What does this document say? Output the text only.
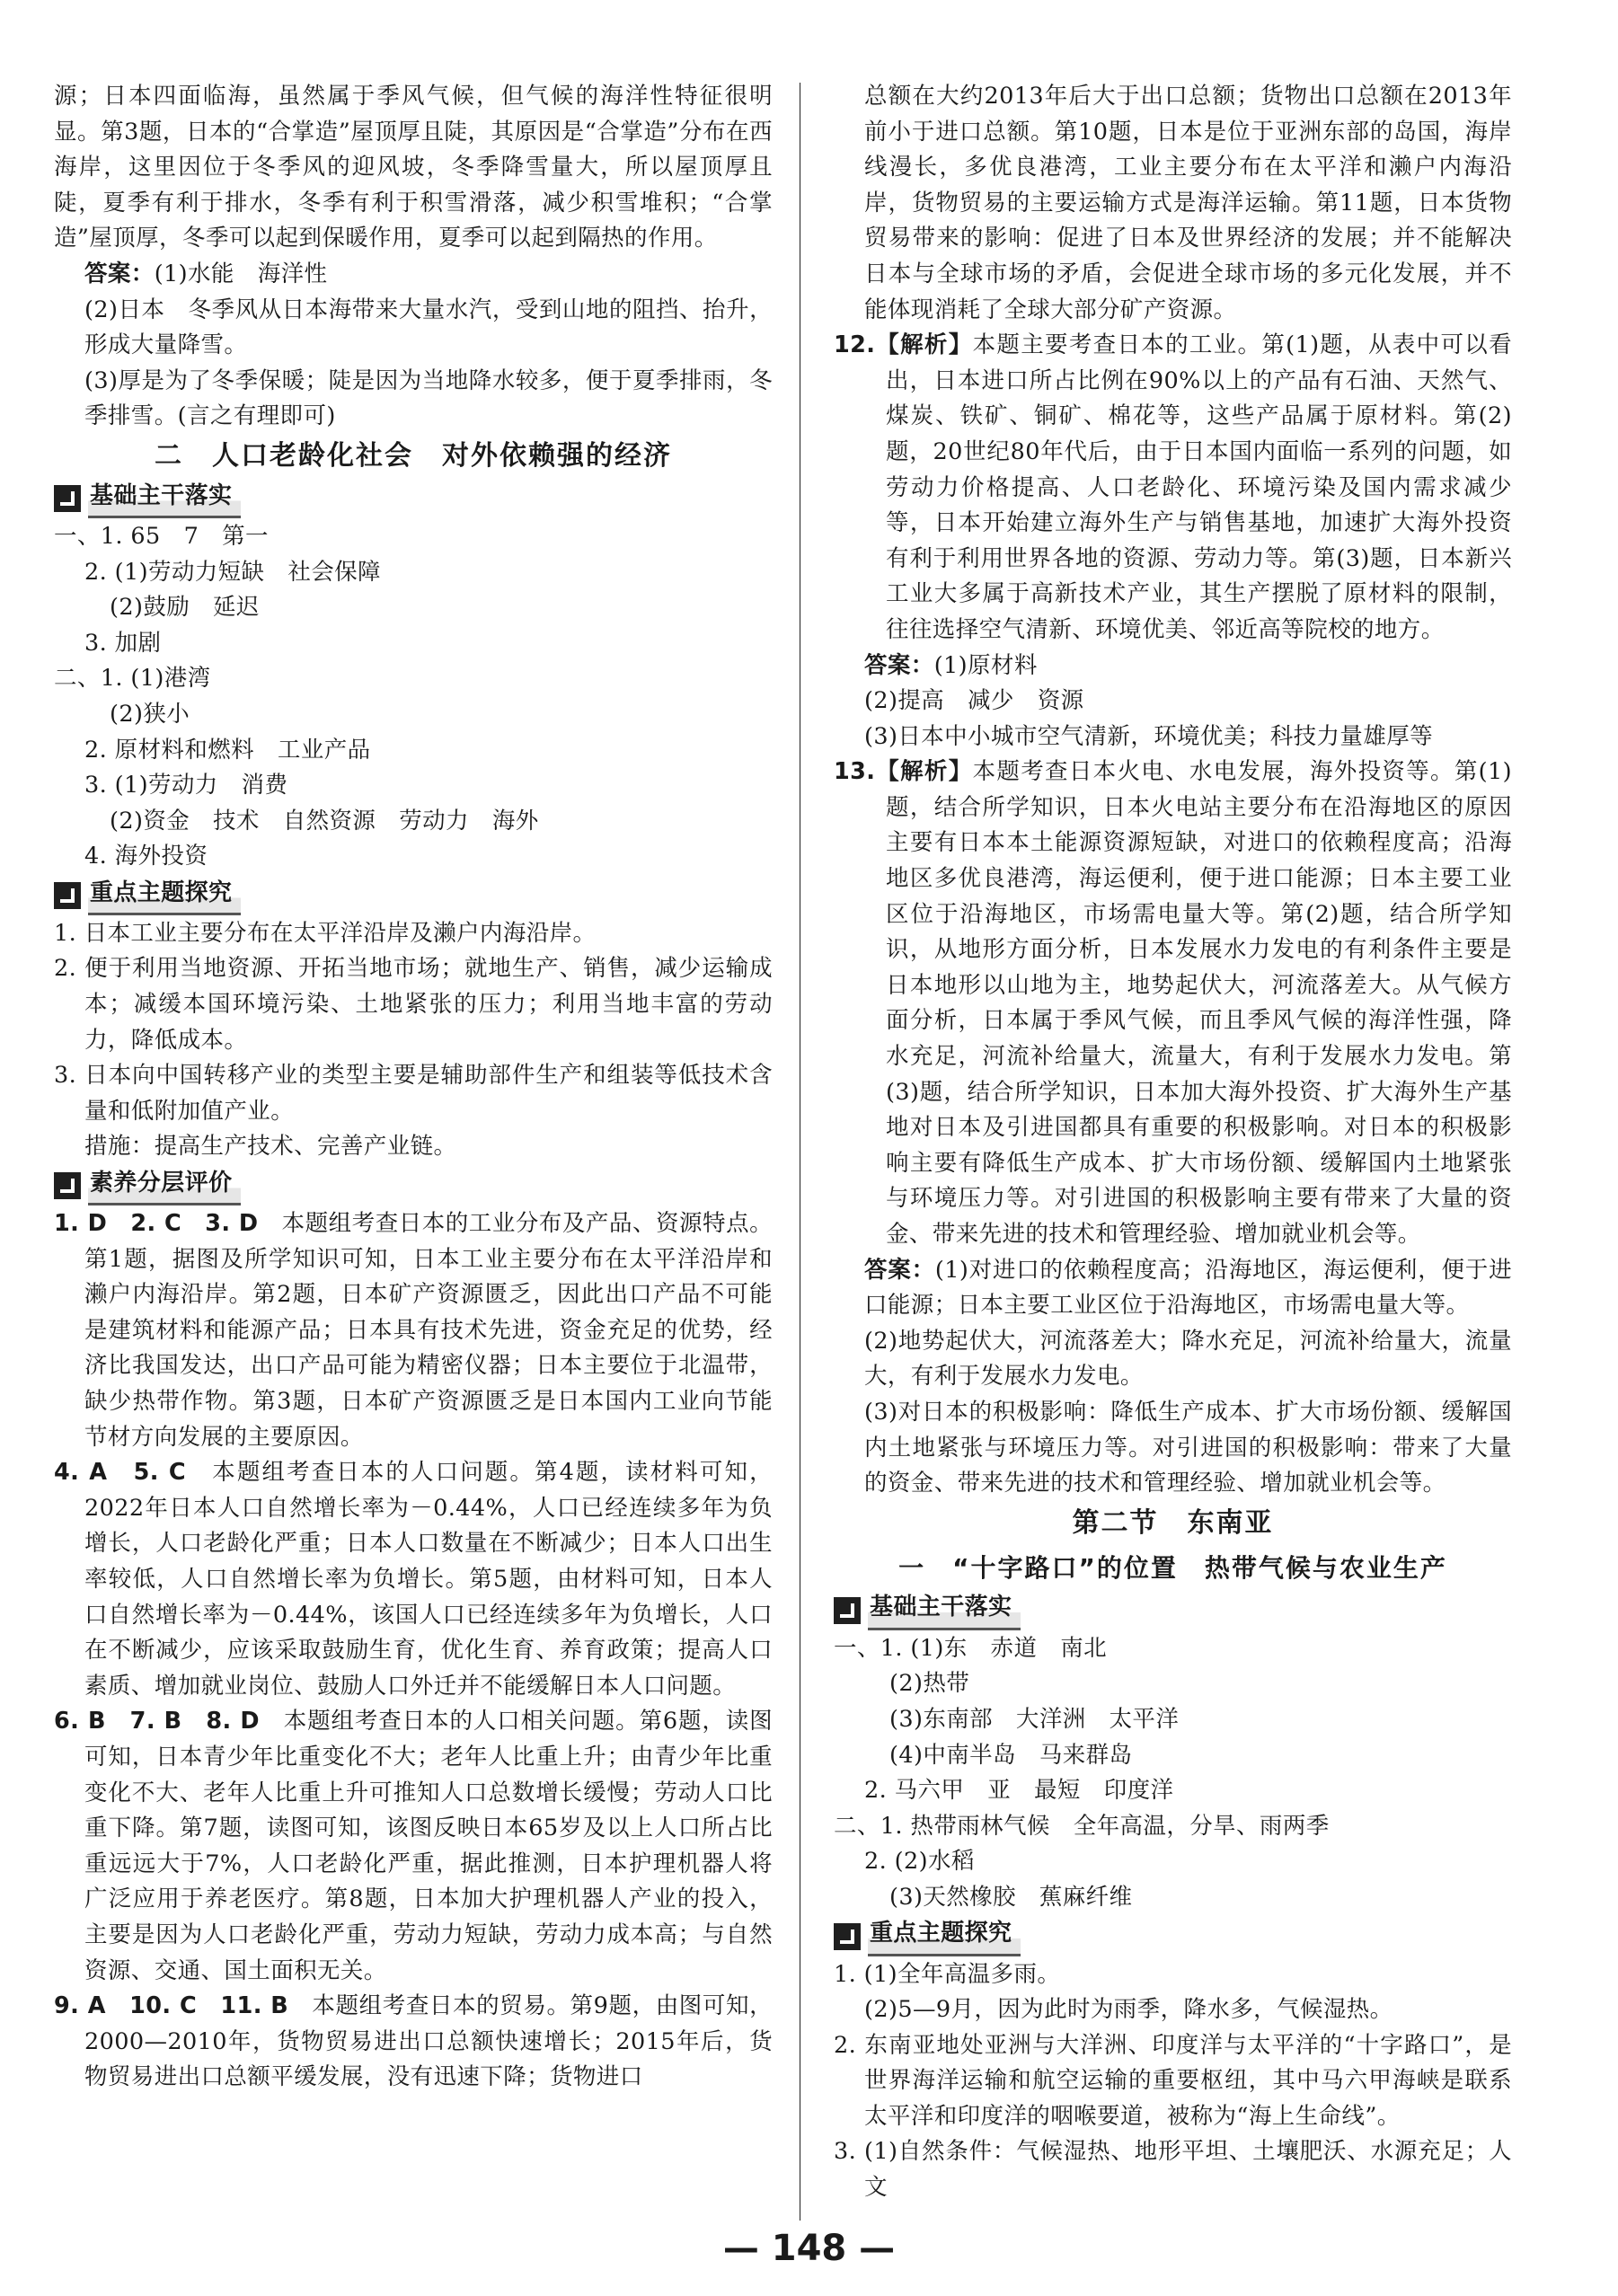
源；日本四面临海，虽然属于季风气候，但气候的海洋性特征很明显。第3题，日本的“合掌造”屋顶厚且陡，其原因是“合掌造”分布在西海岸，这里因位于冬季风的迎风坡，冬季降雪量大，所以屋顶厚且陡，夏季有利于排水，冬季有利于积雪滑落，减少积雪堆积；“合掌造”屋顶厚，冬季可以起到保暖作用，夏季可以起到隔热的作用。

答案：(1)水能　海洋性

(2)日本　冬季风从日本海带来大量水汽，受到山地的阻挡、抬升，形成大量降雪。

(3)厚是为了冬季保暖；陡是因为当地降水较多，便于夏季排雨，冬季排雪。(言之有理即可)

二　人口老龄化社会　对外依赖强的经济
基础主干落实

一、1. 65　7　第一

2. (1)劳动力短缺　社会保障

(2)鼓励　延迟

3. 加剧

二、1. (1)港湾

(2)狭小

2. 原材料和燃料　工业产品

3. (1)劳动力　消费

(2)资金　技术　自然资源　劳动力　海外

4. 海外投资

重点主题探究

1. 日本工业主要分布在太平洋沿岸及濑户内海沿岸。

2. 便于利用当地资源、开拓当地市场；就地生产、销售，减少运输成本；减缓本国环境污染、土地紧张的压力；利用当地丰富的劳动力，降低成本。

3. 日本向中国转移产业的类型主要是辅助部件生产和组装等低技术含量和低附加值产业。

措施：提高生产技术、完善产业链。

素养分层评价

1. D　2. C　3. D　本题组考查日本的工业分布及产品、资源特点。第1题，据图及所学知识可知，日本工业主要分布在太平洋沿岸和濑户内海沿岸。第2题，日本矿产资源匮乏，因此出口产品不可能是建筑材料和能源产品；日本具有技术先进，资金充足的优势，经济比我国发达，出口产品可能为精密仪器；日本主要位于北温带，缺少热带作物。第3题，日本矿产资源匮乏是日本国内工业向节能节材方向发展的主要原因。

4. A　5. C　本题组考查日本的人口问题。第4题，读材料可知，2022年日本人口自然增长率为－0.44%，人口已经连续多年为负增长，人口老龄化严重；日本人口数量在不断减少；日本人口出生率较低，人口自然增长率为负增长。第5题，由材料可知，日本人口自然增长率为－0.44%，该国人口已经连续多年为负增长，人口在不断减少，应该采取鼓励生育，优化生育、养育政策；提高人口素质、增加就业岗位、鼓励人口外迁并不能缓解日本人口问题。

6. B　7. B　8. D　本题组考查日本的人口相关问题。第6题，读图可知，日本青少年比重变化不大；老年人比重上升；由青少年比重变化不大、老年人比重上升可推知人口总数增长缓慢；劳动人口比重下降。第7题，读图可知，该图反映日本65岁及以上人口所占比重远远大于7%，人口老龄化严重，据此推测，日本护理机器人将广泛应用于养老医疗。第8题，日本加大护理机器人产业的投入，主要是因为人口老龄化严重，劳动力短缺，劳动力成本高；与自然资源、交通、国土面积无关。

9. A　10. C　11. B　本题组考查日本的贸易。第9题，由图可知，2000—2010年，货物贸易进出口总额快速增长；2015年后，货物贸易进出口总额平缓发展，没有迅速下降；货物进口

总额在大约2013年后大于出口总额；货物出口总额在2013年前小于进口总额。第10题，日本是位于亚洲东部的岛国，海岸线漫长，多优良港湾，工业主要分布在太平洋和濑户内海沿岸，货物贸易的主要运输方式是海洋运输。第11题，日本货物贸易带来的影响：促进了日本及世界经济的发展；并不能解决日本与全球市场的矛盾，会促进全球市场的多元化发展，并不能体现消耗了全球大部分矿产资源。

12.【解析】本题主要考查日本的工业。第(1)题，从表中可以看出，日本进口所占比例在90%以上的产品有石油、天然气、煤炭、铁矿、铜矿、棉花等，这些产品属于原材料。第(2)题，20世纪80年代后，由于日本国内面临一系列的问题，如劳动力价格提高、人口老龄化、环境污染及国内需求减少等，日本开始建立海外生产与销售基地，加速扩大海外投资有利于利用世界各地的资源、劳动力等。第(3)题，日本新兴工业大多属于高新技术产业，其生产摆脱了原材料的限制，往往选择空气清新、环境优美、邻近高等院校的地方。

答案：(1)原材料

(2)提高　减少　资源

(3)日本中小城市空气清新，环境优美；科技力量雄厚等

13.【解析】本题考查日本火电、水电发展，海外投资等。第(1)题，结合所学知识，日本火电站主要分布在沿海地区的原因主要有日本本土能源资源短缺，对进口的依赖程度高；沿海地区多优良港湾，海运便利，便于进口能源；日本主要工业区位于沿海地区，市场需电量大等。第(2)题，结合所学知识，从地形方面分析，日本发展水力发电的有利条件主要是日本地形以山地为主，地势起伏大，河流落差大。从气候方面分析，日本属于季风气候，而且季风气候的海洋性强，降水充足，河流补给量大，流量大，有利于发展水力发电。第(3)题，结合所学知识，日本加大海外投资、扩大海外生产基地对日本及引进国都具有重要的积极影响。对日本的积极影响主要有降低生产成本、扩大市场份额、缓解国内土地紧张与环境压力等。对引进国的积极影响主要有带来了大量的资金、带来先进的技术和管理经验、增加就业机会等。

答案：(1)对进口的依赖程度高；沿海地区，海运便利，便于进口能源；日本主要工业区位于沿海地区，市场需电量大等。

(2)地势起伏大，河流落差大；降水充足，河流补给量大，流量大，有利于发展水力发电。

(3)对日本的积极影响：降低生产成本、扩大市场份额、缓解国内土地紧张与环境压力等。对引进国的积极影响：带来了大量的资金、带来先进的技术和管理经验、增加就业机会等。

第二节　东南亚
一　“十字路口”的位置　热带气候与农业生产
基础主干落实

一、1. (1)东　赤道　南北

(2)热带

(3)东南部　大洋洲　太平洋

(4)中南半岛　马来群岛

2. 马六甲　亚　最短　印度洋

二、1. 热带雨林气候　全年高温，分旱、雨两季

2. (2)水稻

(3)天然橡胶　蕉麻纤维

重点主题探究

1. (1)全年高温多雨。

(2)5—9月，因为此时为雨季，降水多，气候湿热。

2. 东南亚地处亚洲与大洋洲、印度洋与太平洋的“十字路口”，是世界海洋运输和航空运输的重要枢纽，其中马六甲海峡是联系太平洋和印度洋的咽喉要道，被称为“海上生命线”。

3. (1)自然条件：气候湿热、地形平坦、土壤肥沃、水源充足；人文

— 148 —
